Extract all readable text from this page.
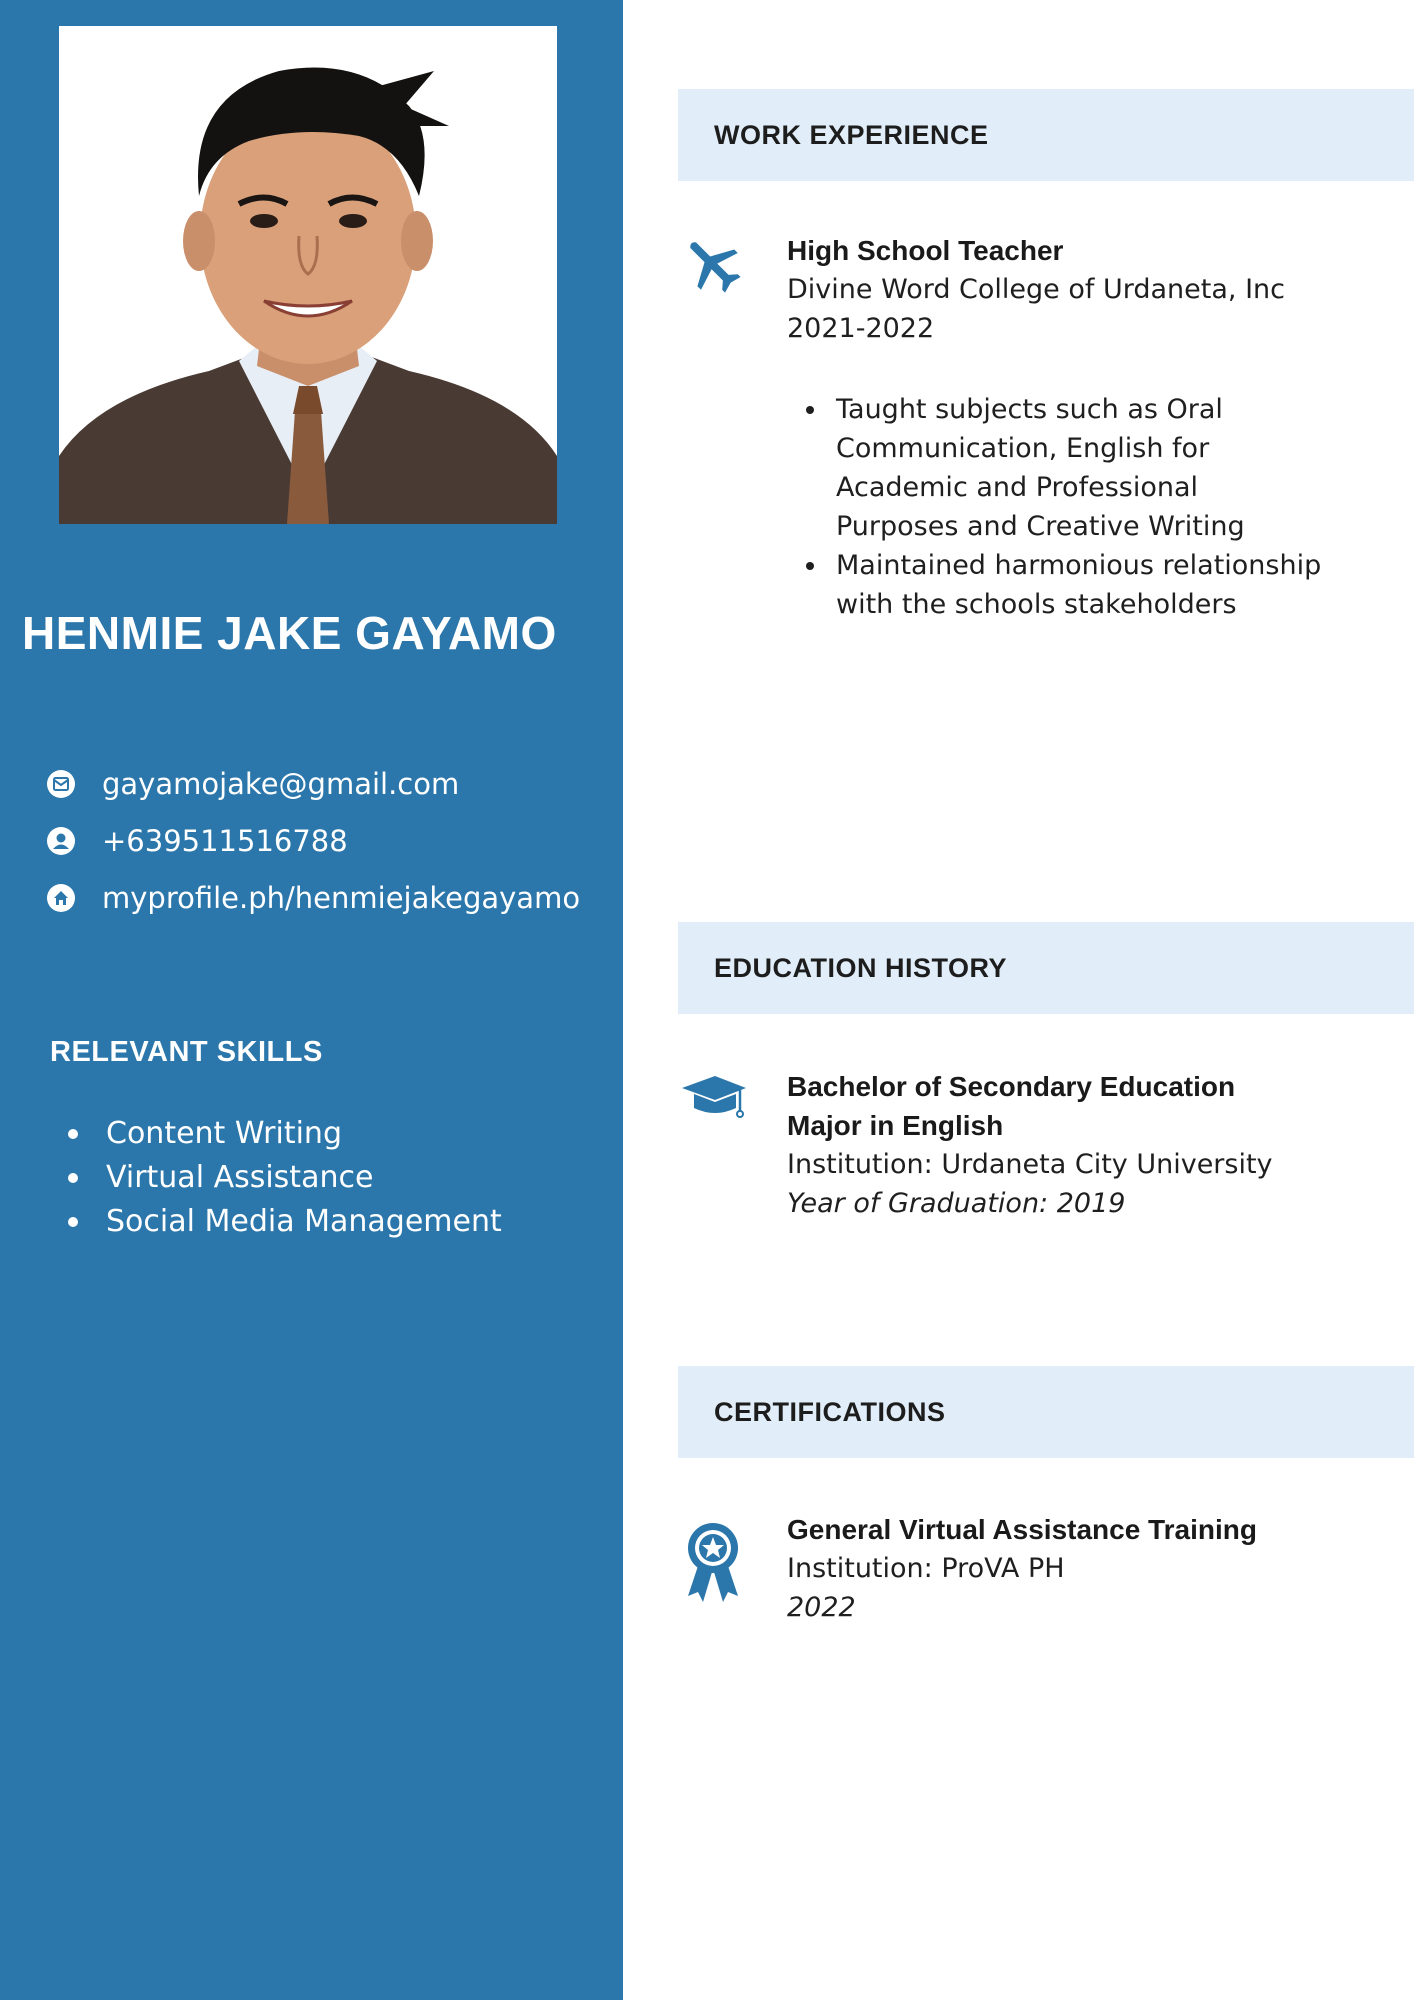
HENMIE JAKE GAYAMO
gayamojake@gmail.com
+639511516788
myprofile.ph/henmiejakegayamo
RELEVANT SKILLS
Content Writing
Virtual Assistance
Social Media Management
WORK EXPERIENCE
High School Teacher
Divine Word College of Urdaneta, Inc
2021-2022
Taught subjects such as Oral Communication, English for Academic and Professional Purposes and Creative Writing
Maintained harmonious relationship with the schools stakeholders
EDUCATION HISTORY
Bachelor of Secondary Education
Major in English
Institution: Urdaneta City University
Year of Graduation: 2019
CERTIFICATIONS
General Virtual Assistance Training
Institution: ProVA PH
2022
